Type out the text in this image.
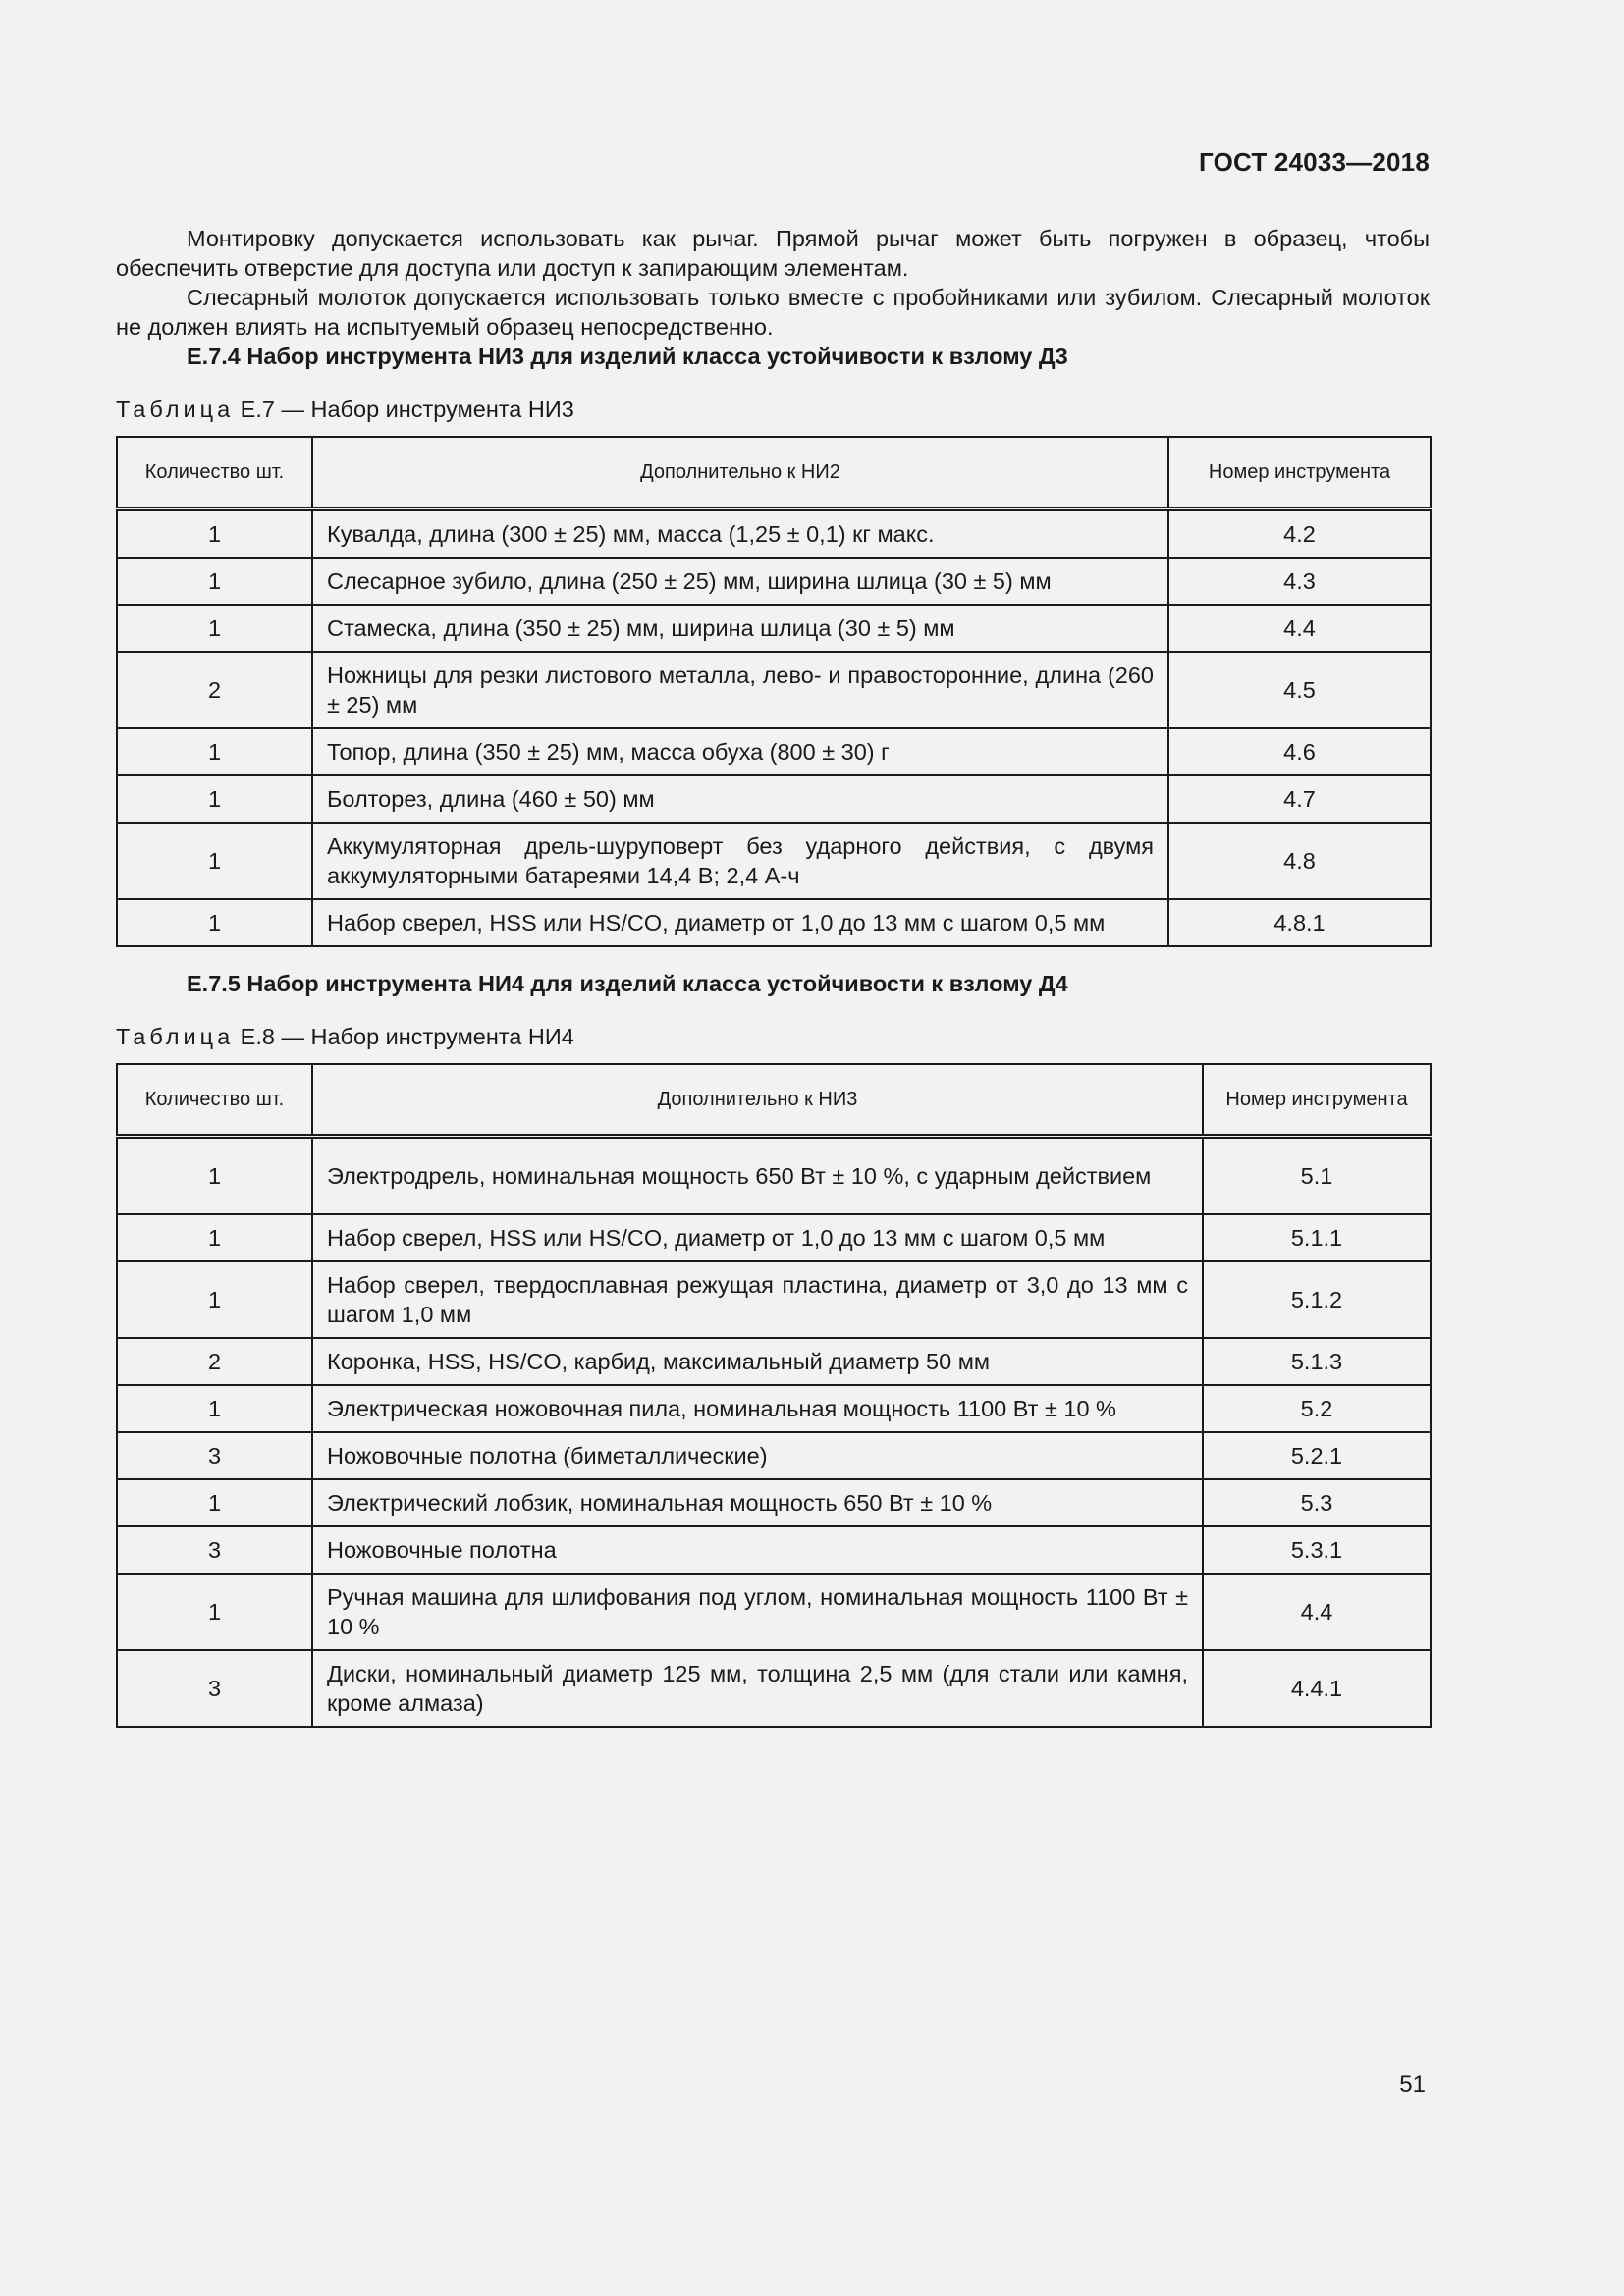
ГОСТ 24033—2018

Монтировку допускается использовать как рычаг. Прямой рычаг может быть погружен в образец, чтобы обеспечить отверстие для доступа или доступ к запирающим элементам.

Слесарный молоток допускается использовать только вместе с пробойниками или зубилом. Слесарный молоток не должен влиять на испытуемый образец непосредственно.

Е.7.4 Набор инструмента НИ3 для изделий класса устойчивости к взлому Д3

Таблица Е.7 — Набор инструмента НИ3

Количество шт.	Дополнительно к НИ2	Номер инструмента
1	Кувалда, длина (300 ± 25) мм, масса (1,25 ± 0,1) кг макс.	4.2
1	Слесарное зубило, длина (250 ± 25) мм, ширина шлица (30 ± 5) мм	4.3
1	Стамеска, длина (350 ± 25) мм, ширина шлица (30 ± 5) мм	4.4
2	Ножницы для резки листового металла, лево- и правосторонние, длина (260 ± 25) мм	4.5
1	Топор, длина (350 ± 25) мм, масса обуха (800 ± 30) г	4.6
1	Болторез, длина (460 ± 50) мм	4.7
1	Аккумуляторная дрель-шуруповерт без ударного действия, с двумя аккумуляторными батареями 14,4 В; 2,4 А-ч	4.8
1	Набор сверел, HSS или HS/CO, диаметр от 1,0 до 13 мм с шагом 0,5 мм	4.8.1

Е.7.5 Набор инструмента НИ4 для изделий класса устойчивости к взлому Д4

Таблица Е.8 — Набор инструмента НИ4

Количество шт.	Дополнительно к НИ3	Номер инструмента
1	Электродрель, номинальная мощность 650 Вт ± 10 %, с ударным действием	5.1
1	Набор сверел, HSS или HS/CO, диаметр от 1,0 до 13 мм с шагом 0,5 мм	5.1.1
1	Набор сверел, твердосплавная режущая пластина, диаметр от 3,0 до 13 мм с шагом 1,0 мм	5.1.2
2	Коронка, HSS, HS/CO, карбид, максимальный диаметр 50 мм	5.1.3
1	Электрическая ножовочная пила, номинальная мощность 1100 Вт ± 10 %	5.2
3	Ножовочные полотна (биметаллические)	5.2.1
1	Электрический лобзик, номинальная мощность 650 Вт ± 10 %	5.3
3	Ножовочные полотна	5.3.1
1	Ручная машина для шлифования под углом, номинальная мощность 1100 Вт ± 10 %	4.4
3	Диски, номинальный диаметр 125 мм, толщина 2,5 мм (для стали или камня, кроме алмаза)	4.4.1
51
